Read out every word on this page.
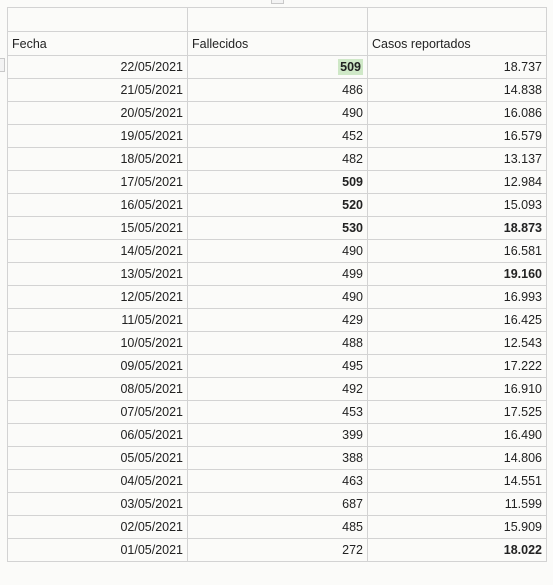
Fecha	Fallecidos	Casos reportados
22/05/2021	509	18.737
21/05/2021	486	14.838
20/05/2021	490	16.086
19/05/2021	452	16.579
18/05/2021	482	13.137
17/05/2021	509	12.984
16/05/2021	520	15.093
15/05/2021	530	18.873
14/05/2021	490	16.581
13/05/2021	499	19.160
12/05/2021	490	16.993
11/05/2021	429	16.425
10/05/2021	488	12.543
09/05/2021	495	17.222
08/05/2021	492	16.910
07/05/2021	453	17.525
06/05/2021	399	16.490
05/05/2021	388	14.806
04/05/2021	463	14.551
03/05/2021	687	11.599
02/05/2021	485	15.909
01/05/2021	272	18.022
